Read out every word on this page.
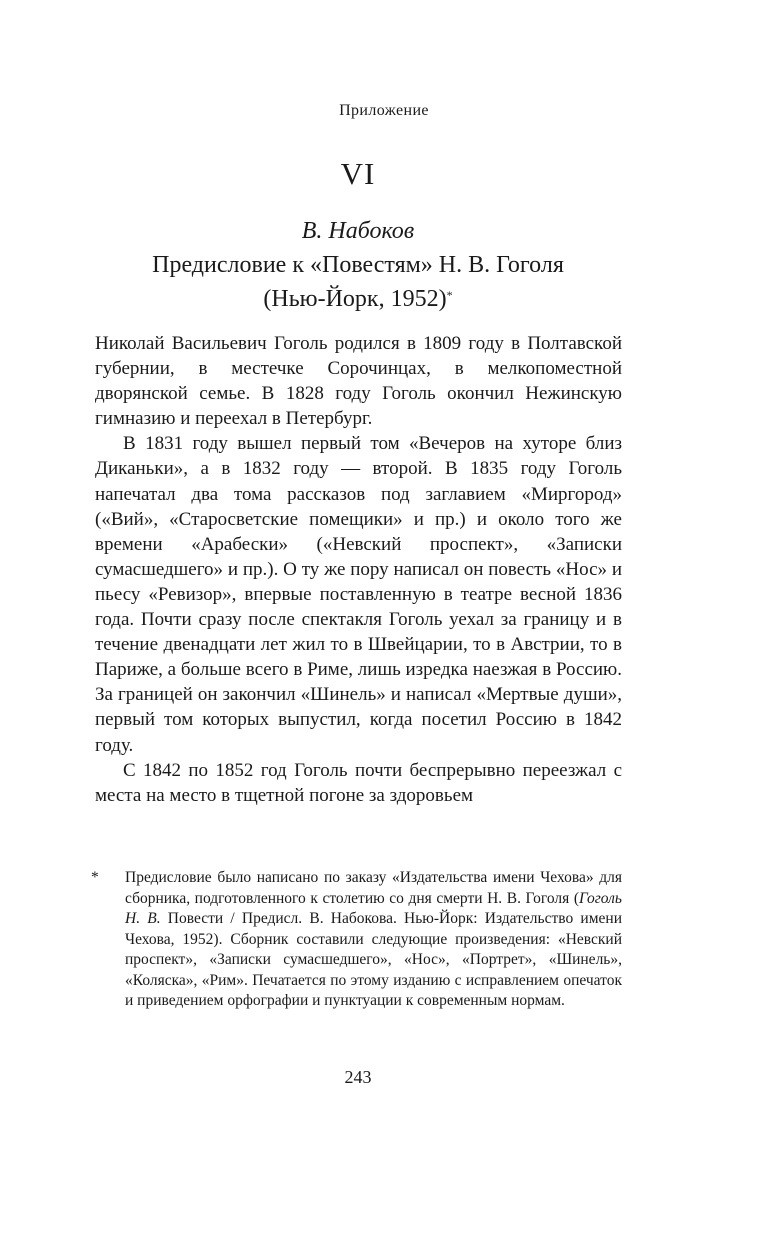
Приложение
VI
В. Набоков
Предисловие к «Повестям» Н. В. Гоголя
(Нью-Йорк, 1952)*

Николай Васильевич Гоголь родился в 1809 году в Полтавской губернии, в местечке Сорочинцах, в мелкопоместной дворянской семье. В 1828 году Гоголь окончил Нежинскую гимназию и переехал в Петербург.

В 1831 году вышел первый том «Вечеров на хуторе близ Диканьки», а в 1832 году — второй. В 1835 году Гоголь напечатал два тома рассказов под заглавием «Миргород» («Вий», «Старосветские помещики» и пр.) и около того же времени «Арабески» («Невский проспект», «Записки сумасшедшего» и пр.). О ту же пору написал он повесть «Нос» и пьесу «Ревизор», впервые поставленную в театре весной 1836 года. Почти сразу после спектакля Гоголь уехал за границу и в течение двенадцати лет жил то в Швейцарии, то в Австрии, то в Париже, а больше всего в Риме, лишь изредка наезжая в Россию. За границей он закончил «Шинель» и написал «Мертвые души», первый том которых выпустил, когда посетил Россию в 1842 году.

С 1842 по 1852 год Гоголь почти беспрерывно переезжал с места на место в тщетной погоне за здоровьем

*	Предисловие было написано по заказу «Издательства имени Чехова» для сборника, подготовленного к столетию со дня смерти Н. В. Гоголя (Гоголь Н. В. Повести / Предисл. В. Набокова. Нью-Йорк: Издательство имени Чехова, 1952). Сборник составили следующие произведения: «Невский проспект», «Записки сумасшедшего», «Нос», «Портрет», «Шинель», «Коляска», «Рим». Печатается по этому изданию с исправлением опечаток и приведением орфографии и пунктуации к современным нормам.
243
